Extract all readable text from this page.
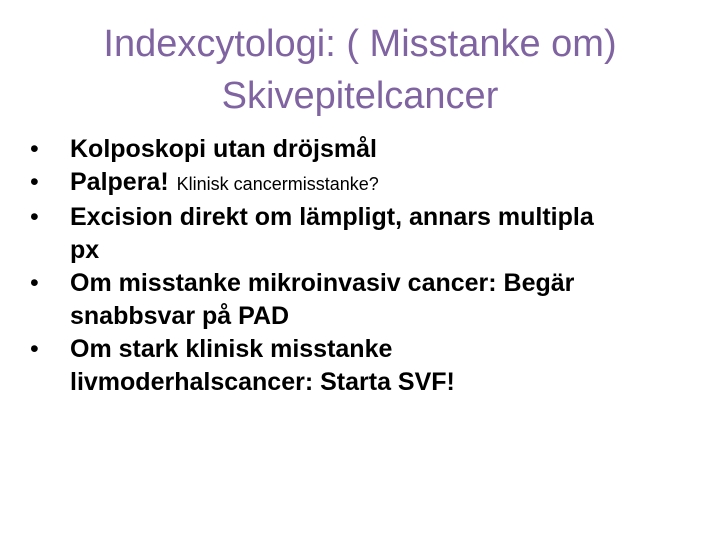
Indexcytologi: ( Misstanke om)
Skivepitelcancer
•	Kolposkopi utan dröjsmål
•	Palpera! Klinisk cancermisstanke?
•	Excision direkt om lämpligt, annars multipla
px
•	Om misstanke mikroinvasiv cancer: Begär
snabbsvar på PAD
•	Om stark klinisk misstanke
livmoderhalscancer: Starta SVF!
